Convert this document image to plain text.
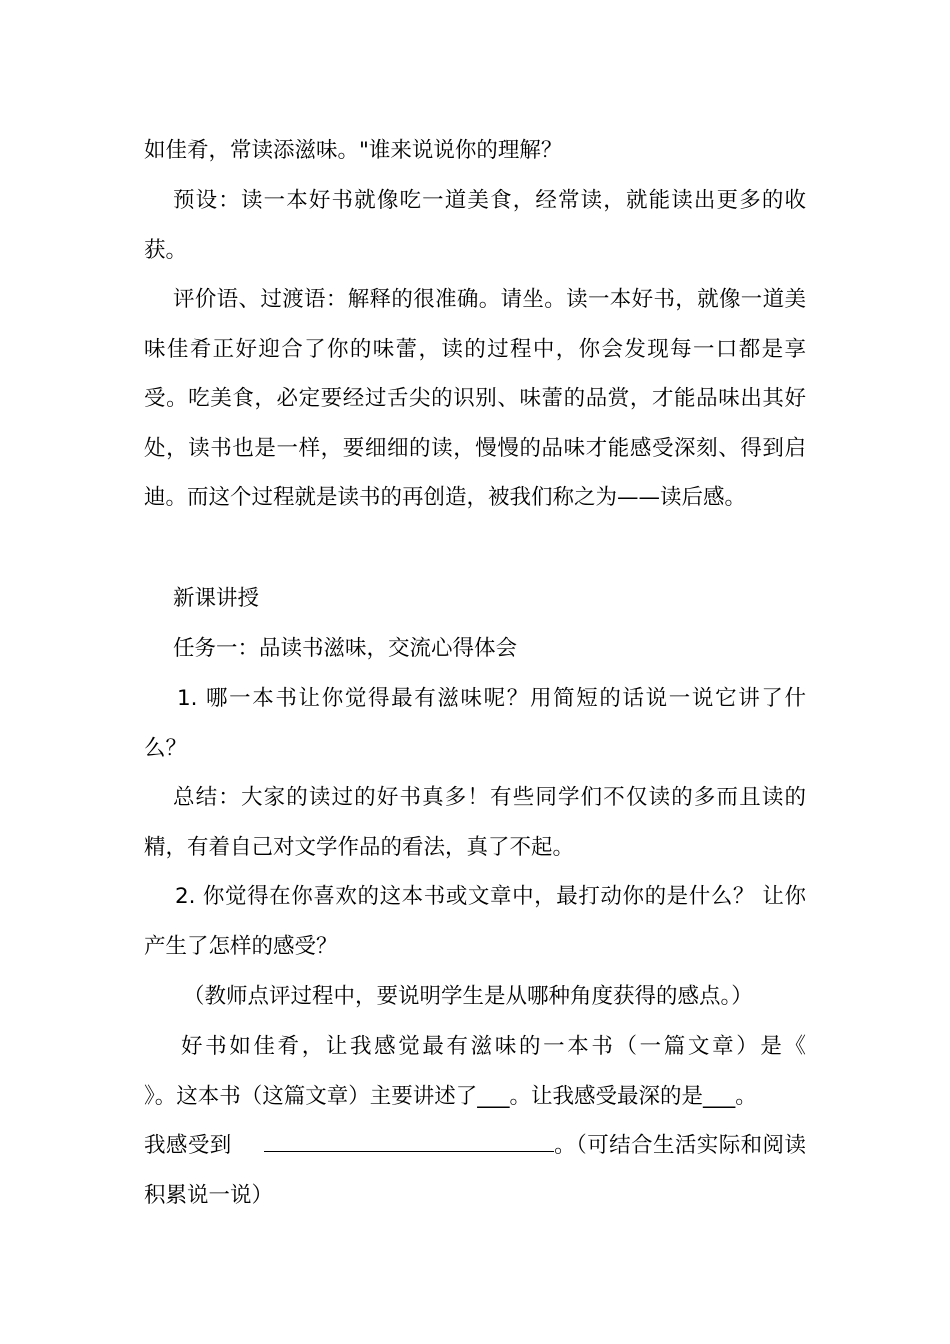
如佳肴，常读添滋味。"谁来说说你的理解？

预设：读一本好书就像吃一道美食，经常读，就能读出更多的收获。

评价语、过渡语：解释的很准确。请坐。读一本好书，就像一道美味佳肴正好迎合了你的味蕾，读的过程中，你会发现每一口都是享受。吃美食，必定要经过舌尖的识别、味蕾的品赏，才能品味出其好处，读书也是一样，要细细的读，慢慢的品味才能感受深刻、得到启迪。而这个过程就是读书的再创造，被我们称之为——读后感。

新课讲授

任务一：品读书滋味，交流心得体会

1. 哪一本书让你觉得最有滋味呢？用简短的话说一说它讲了什么？

总结：大家的读过的好书真多！有些同学们不仅读的多而且读的精，有着自己对文学作品的看法，真了不起。

2. 你觉得在你喜欢的这本书或文章中，最打动你的是什么？ 让你产生了怎样的感受？

（教师点评过程中，要说明学生是从哪种角度获得的感点。）

好书如佳肴，让我感觉最有滋味的一本书（一篇文章）是《　　》。这本书（这篇文章）主要讲述了___。让我感受最深的是___。

我感受到	。（可结合生活实际和阅读积累说一说）
